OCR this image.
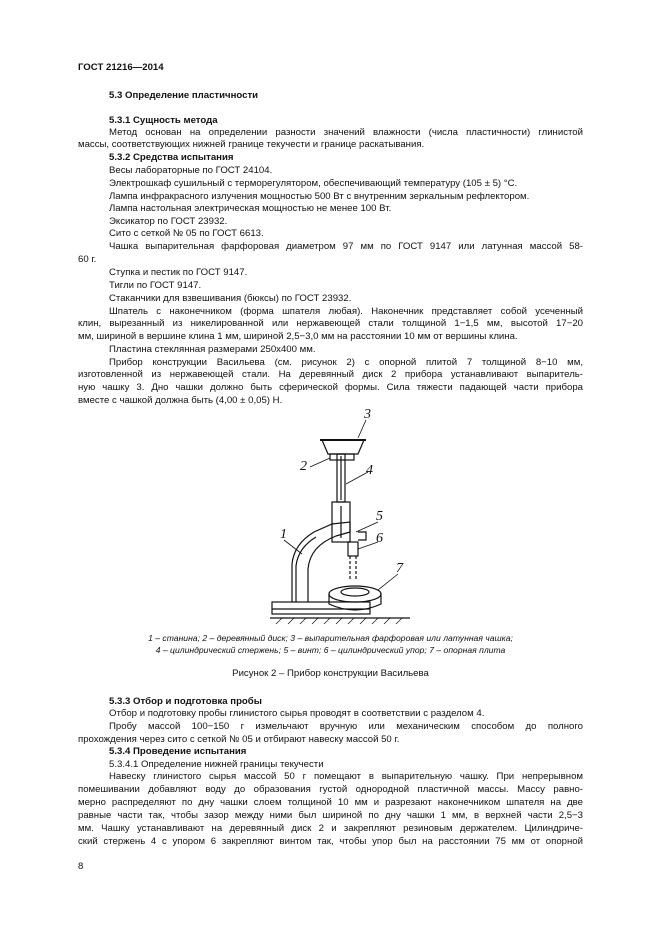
ГОСТ 21216—2014
5.3 Определение пластичности
5.3.1 Сущность метода
Метод основан на определении разности значений влажности (числа пластичности) глинистой
массы, соответствующих нижней границе текучести и границе раскатывания.
5.3.2 Средства испытания
Весы лабораторные по ГОСТ 24104.
Электрошкаф сушильный с терморегулятором, обеспечивающий температуру (105 ± 5) °С.
Лампа инфракрасного излучения мощностью 500 Вт с внутренним зеркальным рефлектором.
Лампа настольная электрическая мощностью не менее 100 Вт.
Эксикатор по ГОСТ 23932.
Сито с сеткой № 05 по ГОСТ 6613.
Чашка выпарительная фарфоровая диаметром 97 мм по ГОСТ 9147 или латунная массой 58-
60 г.
Ступка и пестик по ГОСТ 9147.
Тигли по ГОСТ 9147.
Стаканчики для взвешивания (бюксы) по ГОСТ 23932.
Шпатель с наконечником (форма шпателя любая). Наконечник представляет собой усеченный
клин, вырезанный из никелированной или нержавеющей стали толщиной 1−1,5 мм, высотой 17−20
мм, шириной в вершине клина 1 мм, шириной 2,5−3,0 мм на расстоянии 10 мм от вершины клина.
Пластина стеклянная размерами 250х400 мм.
Прибор конструкции Васильева (см. рисунок 2) с опорной плитой 7 толщиной 8−10 мм,
изготовленной из нержавеющей стали. На деревянный диск 2 прибора устанавливают выпаритель-
ную чашку 3. Дно чашки должно быть сферической формы. Сила тяжести падающей части прибора
вместе с чашкой должна быть (4,00 ± 0,05) Н.
1
2
3
4
5
6
7
1 – станина; 2 – деревянный диск; 3 – выпарительная фарфоровая или латунная чашка;
4 – цилиндрический стержень; 5 – винт; 6 – цилиндрический упор; 7 – опорная плита
Рисунок 2 – Прибор конструкции Васильева
5.3.3 Отбор и подготовка пробы
Отбор и подготовку пробы глинистого сырья проводят в соответствии с разделом 4.
Пробу массой 100−150 г измельчают вручную или механическим способом до полного
прохождения через сито с сеткой № 05 и отбирают навеску массой 50 г.
5.3.4 Проведение испытания
5.3.4.1 Определение нижней границы текучести
Навеску глинистого сырья массой 50 г помещают в выпарительную чашку. При непрерывном
помешивании добавляют воду до образования густой однородной пластичной массы. Массу равно-
мерно распределяют по дну чашки слоем толщиной 10 мм и разрезают наконечником шпателя на две
равные части так, чтобы зазор между ними был шириной по дну чашки 1 мм, в верхней части 2,5−3
мм. Чашку устанавливают на деревянный диск 2 и закрепляют резиновым держателем. Цилиндриче-
ский стержень 4 с упором 6 закрепляют винтом так, чтобы упор был на расстоянии 75 мм от опорной
8
